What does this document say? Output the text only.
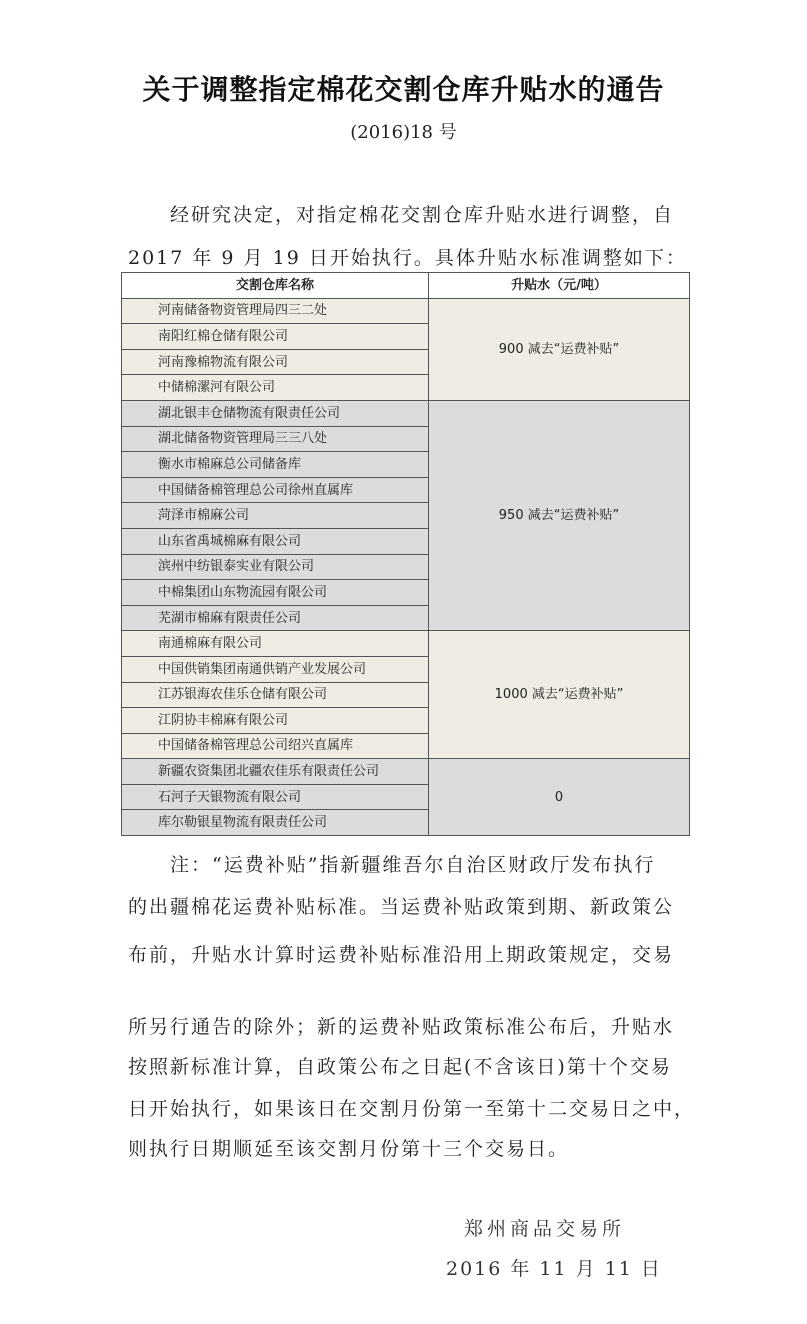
关于调整指定棉花交割仓库升贴水的通告
(2016)18 号
　　经研究决定，对指定棉花交割仓库升贴水进行调整，自
2017 年 9 月 19 日开始执行。具体升贴水标准调整如下：
交割仓库名称	升贴水（元/吨）
河南储备物资管理局四三二处	900 减去“运费补贴”
南阳红棉仓储有限公司	
河南豫棉物流有限公司	
中储棉漯河有限公司	
湖北银丰仓储物流有限责任公司	950 减去“运费补贴”
湖北储备物资管理局三三八处	
衡水市棉麻总公司储备库	
中国储备棉管理总公司徐州直属库	
菏泽市棉麻公司	
山东省禹城棉麻有限公司	
滨州中纺银泰实业有限公司	
中棉集团山东物流园有限公司	
芜湖市棉麻有限责任公司	
南通棉麻有限公司	1000 减去“运费补贴”
中国供销集团南通供销产业发展公司	
江苏银海农佳乐仓储有限公司	
江阴协丰棉麻有限公司	
中国储备棉管理总公司绍兴直属库	
新疆农资集团北疆农佳乐有限责任公司	0
石河子天银物流有限公司	
库尔勒银星物流有限责任公司	
　　注：“运费补贴”指新疆维吾尔自治区财政厅发布执行
的出疆棉花运费补贴标准。当运费补贴政策到期、新政策公
布前，升贴水计算时运费补贴标准沿用上期政策规定，交易
所另行通告的除外；新的运费补贴政策标准公布后，升贴水
按照新标准计算，自政策公布之日起(不含该日)第十个交易
日开始执行，如果该日在交割月份第一至第十二交易日之中，
则执行日期顺延至该交割月份第十三个交易日。
郑州商品交易所
2016 年 11 月 11 日
